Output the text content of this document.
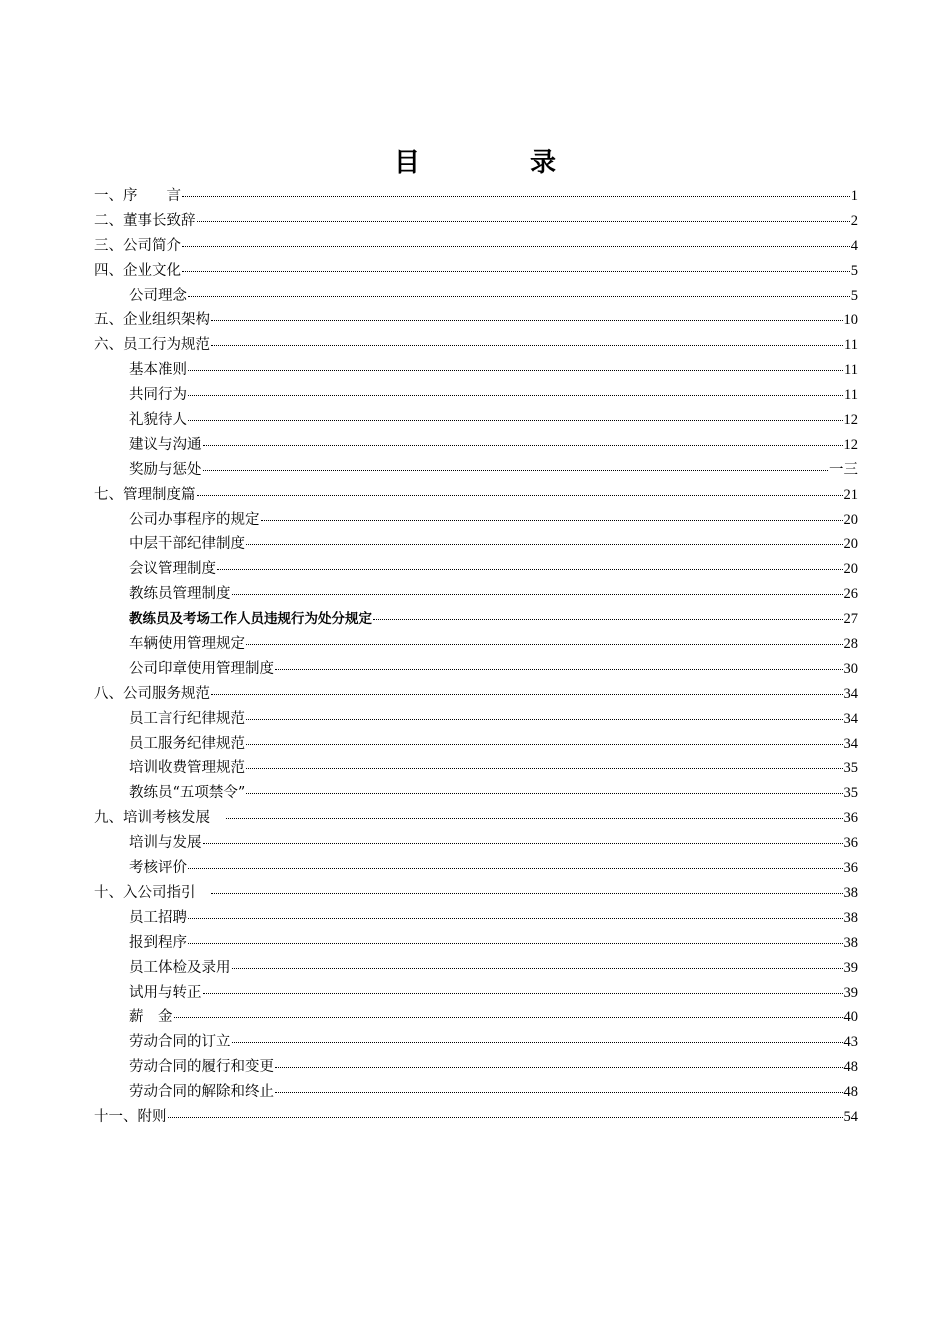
目	录
一、序　　言	1
二、董事长致辞	2
三、公司简介	4
四、企业文化	5
公司理念	5
五、企业组织架构	10
六、员工行为规范	11
基本准则	11
共同行为	11
礼貌待人	12
建议与沟通	12
奖励与惩处	一三
七、管理制度篇	21
公司办事程序的规定	20
中层干部纪律制度	20
会议管理制度	20
教练员管理制度	26
教练员及考场工作人员违规行为处分规定	27
车辆使用管理规定	28
公司印章使用管理制度	30
八、公司服务规范	34
员工言行纪律规范	34
员工服务纪律规范	34
培训收费管理规范	35
教练员“五项禁令”	35
九、培训考核发展　	36
培训与发展	36
考核评价	36
十、入公司指引　	38
员工招聘	38
报到程序	38
员工体检及录用	39
试用与转正	39
薪　金	40
劳动合同的订立	43
劳动合同的履行和变更	48
劳动合同的解除和终止	48
十一、附则	54
